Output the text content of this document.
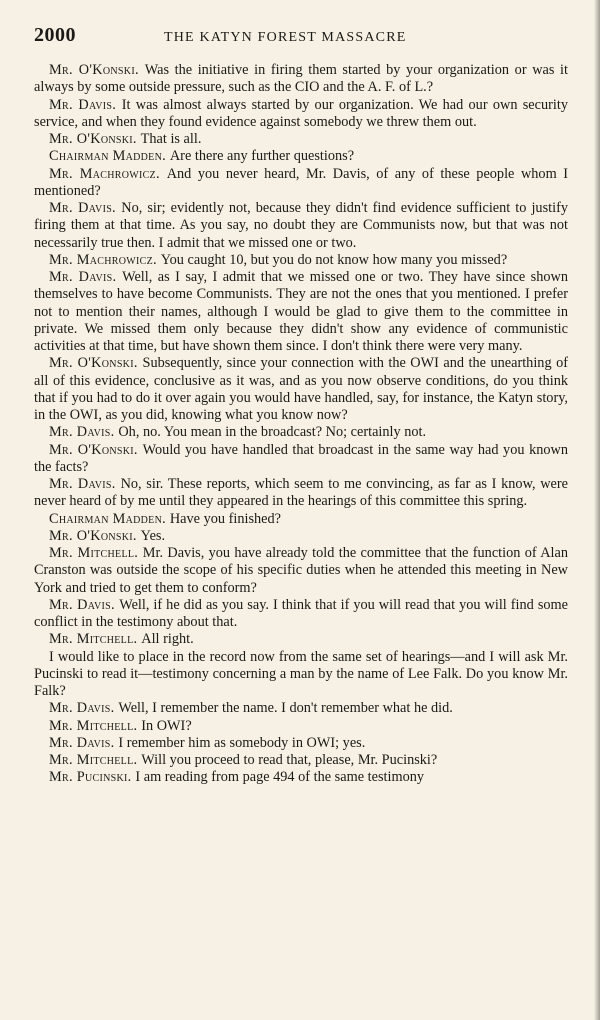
2000	THE KATYN FOREST MASSACRE

Mr. O'Konski. Was the initiative in firing them started by your organization or was it always by some outside pressure, such as the CIO and the A. F. of L.?

Mr. Davis. It was almost always started by our organization. We had our own security service, and when they found evidence against somebody we threw them out.

Mr. O'Konski. That is all.

Chairman Madden. Are there any further questions?

Mr. Machrowicz. And you never heard, Mr. Davis, of any of these people whom I mentioned?

Mr. Davis. No, sir; evidently not, because they didn't find evidence sufficient to justify firing them at that time. As you say, no doubt they are Communists now, but that was not necessarily true then. I admit that we missed one or two.

Mr. Machrowicz. You caught 10, but you do not know how many you missed?

Mr. Davis. Well, as I say, I admit that we missed one or two. They have since shown themselves to have become Communists. They are not the ones that you mentioned. I prefer not to mention their names, although I would be glad to give them to the committee in private. We missed them only because they didn't show any evidence of communistic activities at that time, but have shown them since. I don't think there were very many.

Mr. O'Konski. Subsequently, since your connection with the OWI and the unearthing of all of this evidence, conclusive as it was, and as you now observe conditions, do you think that if you had to do it over again you would have handled, say, for instance, the Katyn story, in the OWI, as you did, knowing what you know now?

Mr. Davis. Oh, no. You mean in the broadcast? No; certainly not.

Mr. O'Konski. Would you have handled that broadcast in the same way had you known the facts?

Mr. Davis. No, sir. These reports, which seem to me convincing, as far as I know, were never heard of by me until they appeared in the hearings of this committee this spring.

Chairman Madden. Have you finished?

Mr. O'Konski. Yes.

Mr. Mitchell. Mr. Davis, you have already told the committee that the function of Alan Cranston was outside the scope of his specific duties when he attended this meeting in New York and tried to get them to conform?

Mr. Davis. Well, if he did as you say. I think that if you will read that you will find some conflict in the testimony about that.

Mr. Mitchell. All right.

I would like to place in the record now from the same set of hearings—and I will ask Mr. Pucinski to read it—testimony concerning a man by the name of Lee Falk. Do you know Mr. Falk?

Mr. Davis. Well, I remember the name. I don't remember what he did.

Mr. Mitchell. In OWI?

Mr. Davis. I remember him as somebody in OWI; yes.

Mr. Mitchell. Will you proceed to read that, please, Mr. Pucinski?

Mr. Pucinski. I am reading from page 494 of the same testimony
